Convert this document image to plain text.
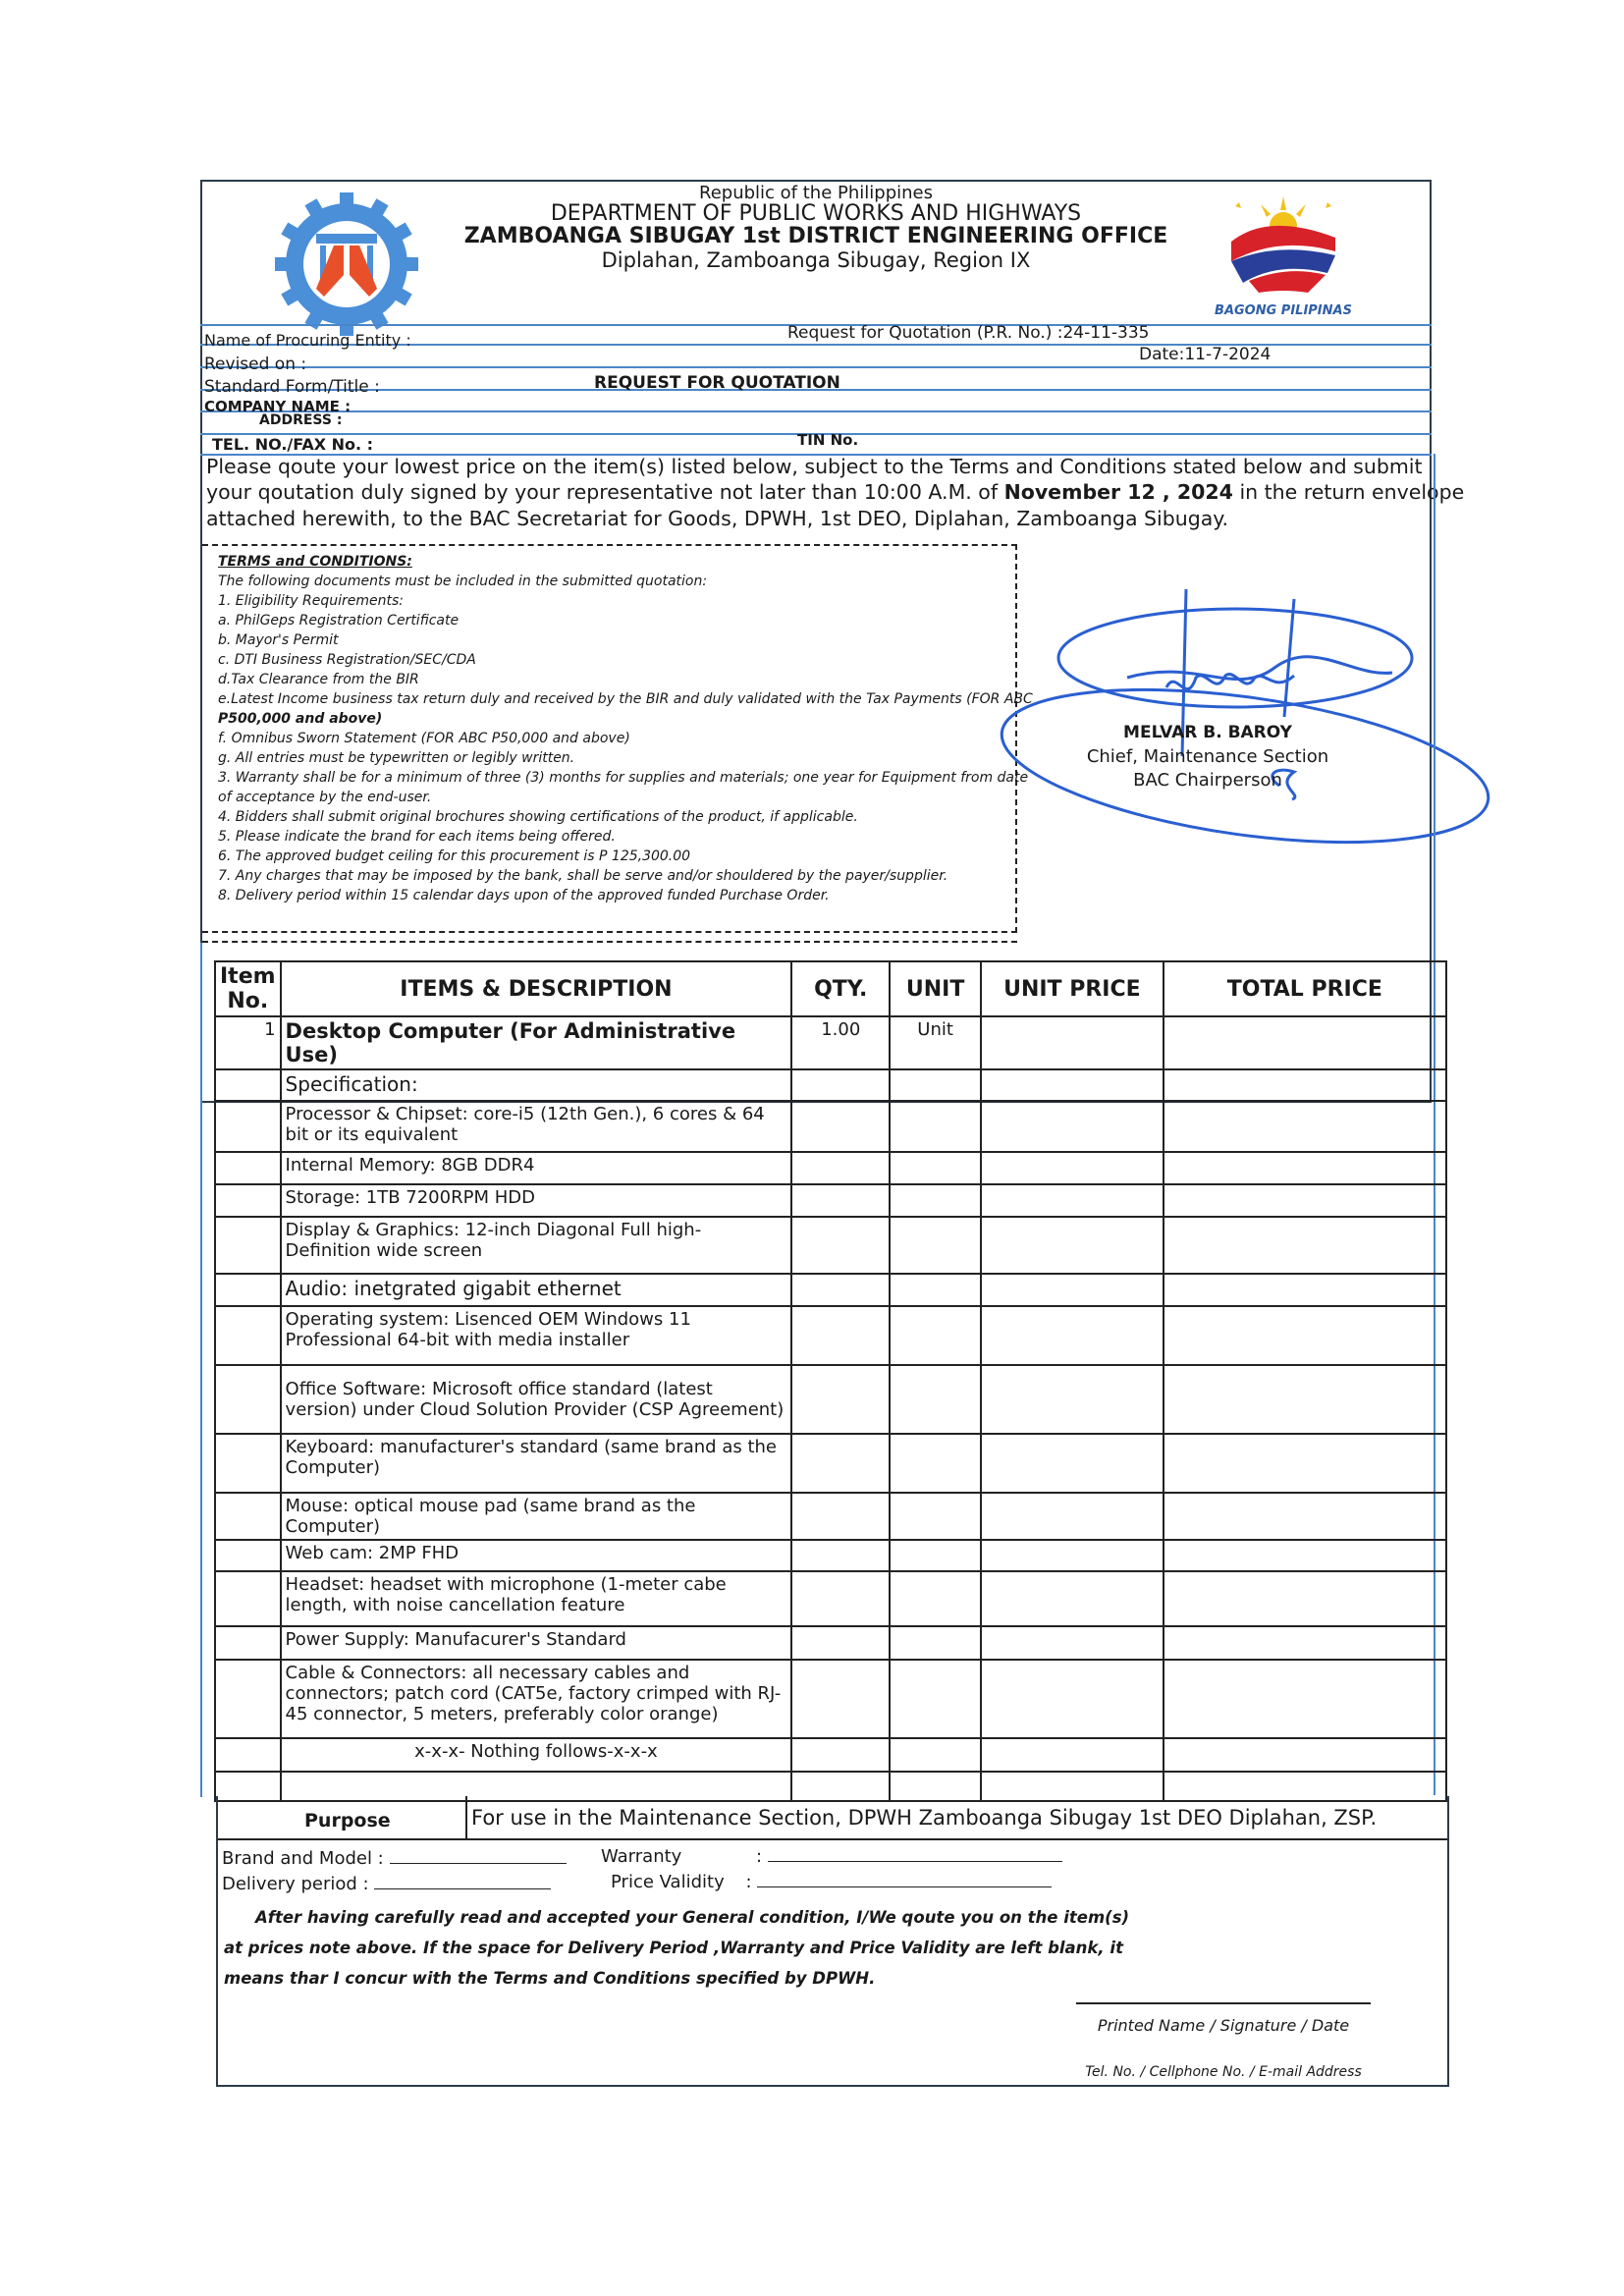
BAGONG PILIPINAS
Republic of the Philippines
DEPARTMENT OF PUBLIC WORKS AND HIGHWAYS
ZAMBOANGA SIBUGAY 1st DISTRICT ENGINEERING OFFICE
Diplahan, Zamboanga Sibugay, Region IX
Name of Procuring Entity :	Request for Quotation (P.R. No.) :24-11-335
Revised on :	Date:11-7-2024
Standard Form/Title :	REQUEST FOR QUOTATION
COMPANY NAME :
ADDRESS :
TEL. NO./FAX No. :	TIN No.
Please qoute your lowest price on the item(s) listed below, subject to the Terms and Conditions stated below and submit
your qoutation duly signed by your representative not later than 10:00 A.M. of November 12 , 2024 in the return envelope
attached herewith, to the BAC Secretariat for Goods, DPWH, 1st DEO, Diplahan, Zamboanga Sibugay.

TERMS and CONDITIONS:

The following documents must be included in the submitted quotation:

1. Eligibility Requirements:

a. PhilGeps Registration Certificate

b. Mayor's Permit

c. DTI Business Registration/SEC/CDA

d.Tax Clearance from the BIR

e.Latest Income business tax return duly and received by the BIR and duly validated with the Tax Payments (FOR ABC

P500,000 and above)

f. Omnibus Sworn Statement (FOR ABC P50,000 and above)

g. All entries must be typewritten or legibly written.

3. Warranty shall be for a minimum of three (3) months for supplies and materials; one year for Equipment from date

of acceptance by the end-user.

4. Bidders shall submit original brochures showing certifications of the product, if applicable.

5. Please indicate the brand for each items being offered.

6. The approved budget ceiling for this procurement is P 125,300.00

7. Any charges that may be imposed by the bank, shall be serve and/or shouldered by the payer/supplier.

8. Delivery period within 15 calendar days upon of the approved funded Purchase Order.

MELVAR B. BAROY
Chief, Maintenance Section
BAC Chairperson
Item
No.	ITEMS & DESCRIPTION	QTY.	UNIT	UNIT PRICE	TOTAL PRICE
1	Desktop Computer (For Administrative Use)	1.00	Unit		
	Specification:				
	Processor & Chipset: core-i5 (12th Gen.), 6 cores & 64 bit or its equivalent				
	Internal Memory: 8GB DDR4				
	Storage: 1TB 7200RPM HDD				
	Display & Graphics: 12-inch Diagonal Full high-Definition wide screen				
	Audio: inetgrated gigabit ethernet				
	Operating system: Lisenced OEM Windows 11 Professional 64-bit with media installer				
	Office Software: Microsoft office standard (latest version) under Cloud Solution Provider (CSP Agreement)				
	Keyboard: manufacturer's standard (same brand as the Computer)				
	Mouse: optical mouse pad (same brand as the Computer)				
	Web cam: 2MP FHD				
	Headset: headset with microphone (1-meter cabe length, with noise cancellation feature				
	Power Supply: Manufacurer's Standard				
	Cable & Connectors: all necessary cables and connectors; patch cord (CAT5e, factory crimped with RJ-45 connector, 5 meters, preferably color orange)				
	x-x-x- Nothing follows-x-x-x				

Purpose	For use in the Maintenance Section, DPWH Zamboanga Sibugay 1st DEO Diplahan, ZSP.
Brand and Model :	Warranty	:
Delivery period :	Price Validity :
After having carefully read and accepted your General condition, I/We qoute you on the item(s)
at prices note above. If the space for Delivery Period ,Warranty and Price Validity are left blank, it
means thar I concur with the Terms and Conditions specified by DPWH.
Printed Name / Signature / Date
Tel. No. / Cellphone No. / E-mail Address
